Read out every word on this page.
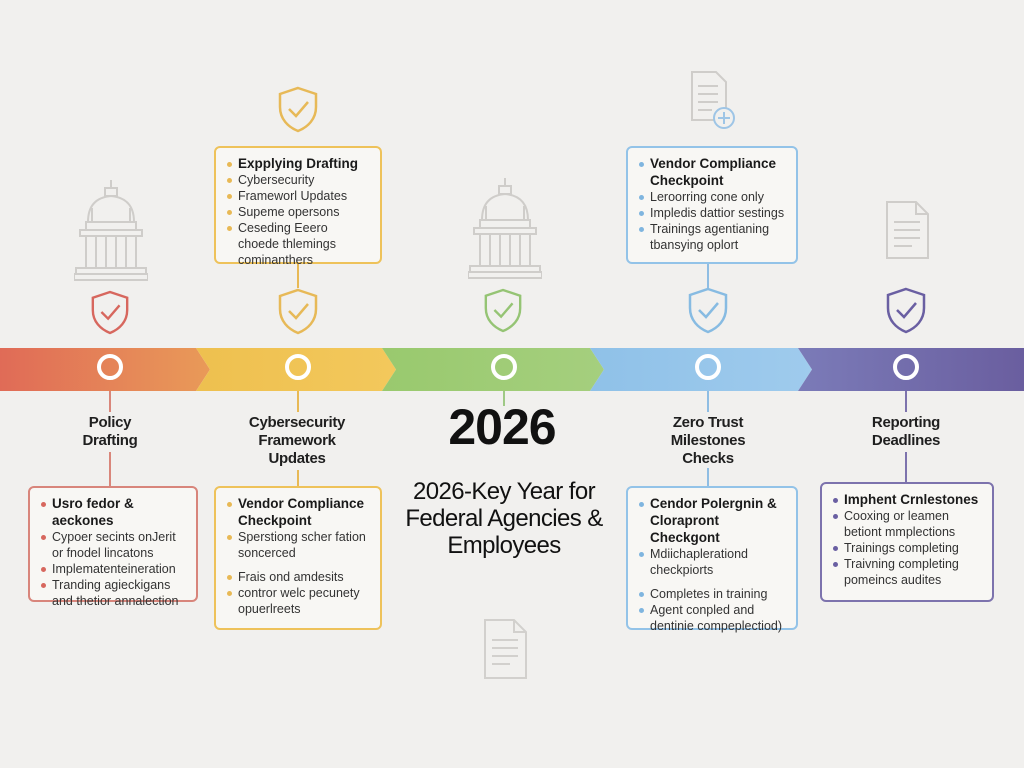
Policy Drafting
Cybersecurity Framework Updates
Zero Trust Milestones Checks
Reporting Deadlines
2026
2026-Key Year for Federal Agencies & Employees
Expplying Drafting
Cybersecurity
Frameworl Updates
Supeme opersons
Ceseding Eeero choede thlemings cominanthers
Vendor Compliance Checkpoint
Leroorring cone only
Impledis dattior sestings
Trainings agentianing tbansying oplort
Usro fedor & aeckones
Cypoer secints onJerit or fnodel lincatons
Implematenteineration
Tranding agieckigans and thetior annalection
Vendor Compliance Checkpoint
Sperstiong scher fation soncerced
Frais ond amdesits
contror welc pecunety opuerlreets
Cendor Polergnin & Clorapront Checkgont
Mdiichaplerationd checkpiorts
Completes in training
Agent conpled and dentinie compeplectiod)
Imphent Crnlestones
Cooxing or leamen betiont mmplections
Trainings completing
Traivning completing pomeincs audites
